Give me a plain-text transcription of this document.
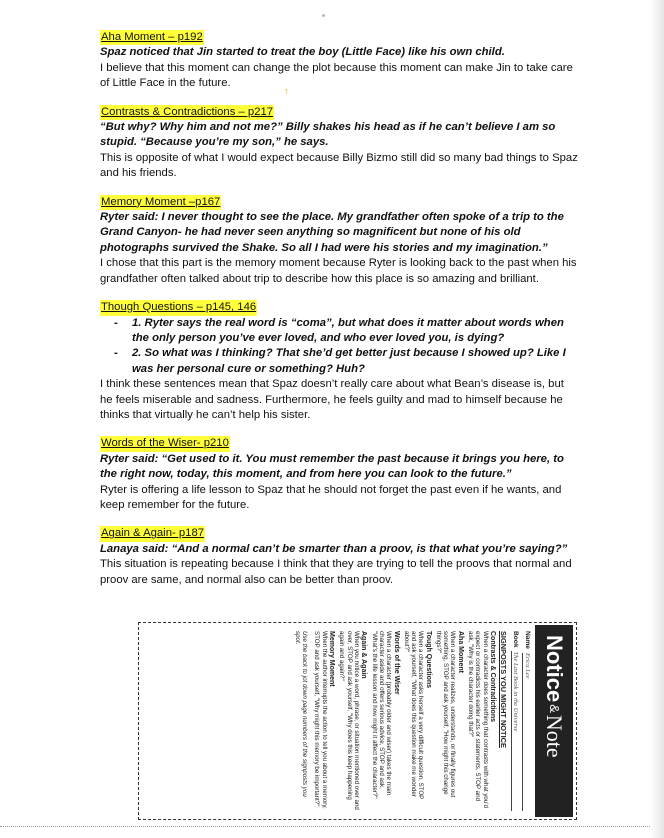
↑
Aha Moment – p192
Spaz noticed that Jin started to treat the boy (Little Face) like his own child.
I believe that this moment can change the plot because this moment can make Jin to take care of Little Face in the future.
Contrasts & Contradictions – p217
“But why? Why him and not me?” Billy shakes his head as if he can’t believe I am so stupid. “Because you’re my son,” he says.
This is opposite of what I would expect because Billy Bizmo still did so many bad things to Spaz and his friends.
Memory Moment –p167
Ryter said: I never thought to see the place. My grandfather often spoke of a trip to the Grand Canyon- he had never seen anything so magnificent but none of his old photographs survived the Shake. So all I had were his stories and my imagination.”
I chose that this part is the memory moment because Ryter is looking back to the past when his grandfather often talked about trip to describe how this place is so amazing and brilliant.
Though Questions – p145, 146
- 1. Ryter says the real word is “coma”, but what does it matter about words when the only person you’ve ever loved, and who ever loved you, is dying?
- 2. So what was I thinking? That she’d get better just because I showed up? Like I was her personal cure or something? Huh?
I think these sentences mean that Spaz doesn’t really care about what Bean’s disease is, but he feels miserable and sadness. Furthermore, he feels guilty and mad to himself because he thinks that virtually he can’t help his sister.
Words of the Wiser- p210
Ryter said: “Get used to it. You must remember the past because it brings you here, to the right now, today, this moment, and from here you can look to the future.”
Ryter is offering a life lesson to Spaz that he should not forget the past even if he wants, and keep remember for the future.
Again & Again- p187
Lanaya said: “And a normal can’t be smarter than a proov, is that what you’re saying?”
This situation is repeating because I think that they are trying to tell the proovs that normal and proov are same, and normal also can be better than proov.
Notice
&
Note
Name
Erica Lee
Book
The Last Book in the Universe
SIGNPOSTS YOU MIGHT NOTICE
Contrasts & Contradictions
When a character does something that contrasts with what you'd expect or contradicts his earlier acts or statements, STOP and ask, "Why is the character doing that?"
Aha Moment
When a character realizes, understands, or finally figures out something, STOP and ask yourself, "How might this change things?"
Tough Questions
When a character asks herself a very difficult question, STOP and ask yourself, "What does this question make me wonder about?"
Words of the Wiser
When a character (probably older and wiser) takes the main character aside and offers serious advice, STOP and ask, "What's the life lesson and how might it affect the character?"
Again & Again
When you notice a word, phrase, or situation mentioned over and over, STOP and ask yourself, "Why does this keep happening again and again?"
Memory Moment
When the author interrupts the action to tell you about a memory, STOP and ask yourself, "Why might this memory be important?"
Use the back to jot down page numbers of the signposts you spot.
